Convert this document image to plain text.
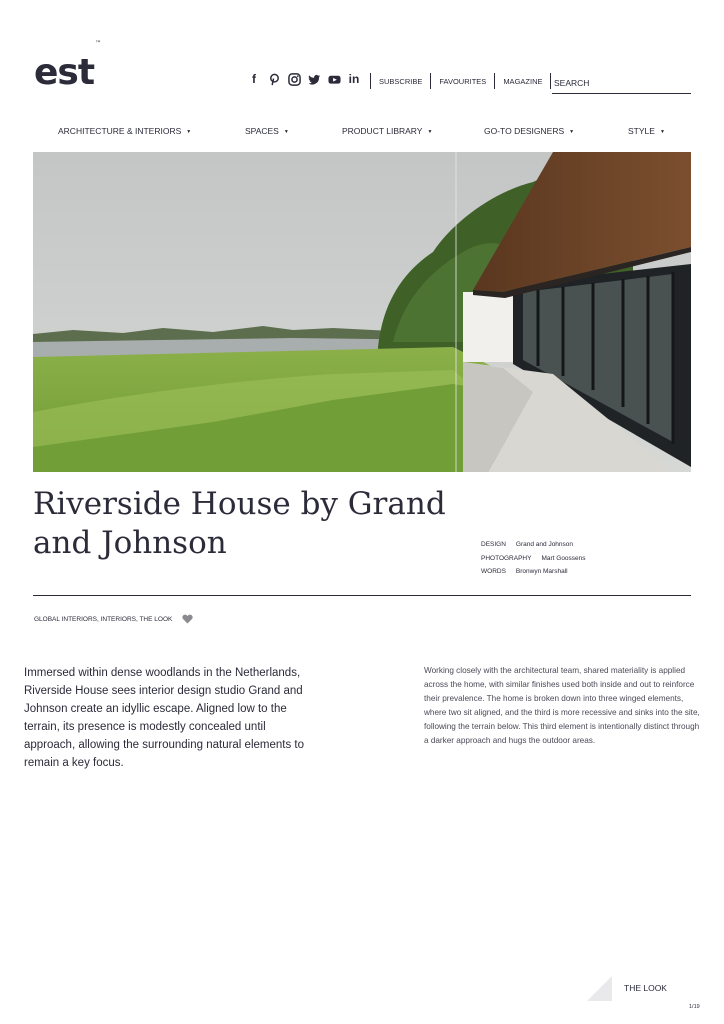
est™
f	in	SUBSCRIBE FAVOURITES MAGAZINE
SEARCH
ARCHITECTURE & INTERIORS ▼	SPACES ▼	PRODUCT LIBRARY ▼	GO-TO DESIGNERS ▼	STYLE ▼
Riverside House by Grand and Johnson	DESIGN Grand and Johnson
PHOTOGRAPHY Mart Goossens
WORDS Bronwyn Marshall
GLOBAL INTERIORS, INTERIORS, THE LOOK

Immersed within dense woodlands in the Netherlands, Riverside House sees interior design studio Grand and Johnson create an idyllic escape. Aligned low to the terrain, its presence is modestly concealed until approach, allowing the surrounding natural elements to remain a key focus.

Working closely with the architectural team, shared materiality is applied across the home, with similar finishes used both inside and out to reinforce their prevalence. The home is broken down into three winged elements, where two sit aligned, and the third is more recessive and sinks into the site, following the terrain below. This third element is intentionally distinct through a darker approach and hugs the outdoor areas.

THE LOOK
1/19
